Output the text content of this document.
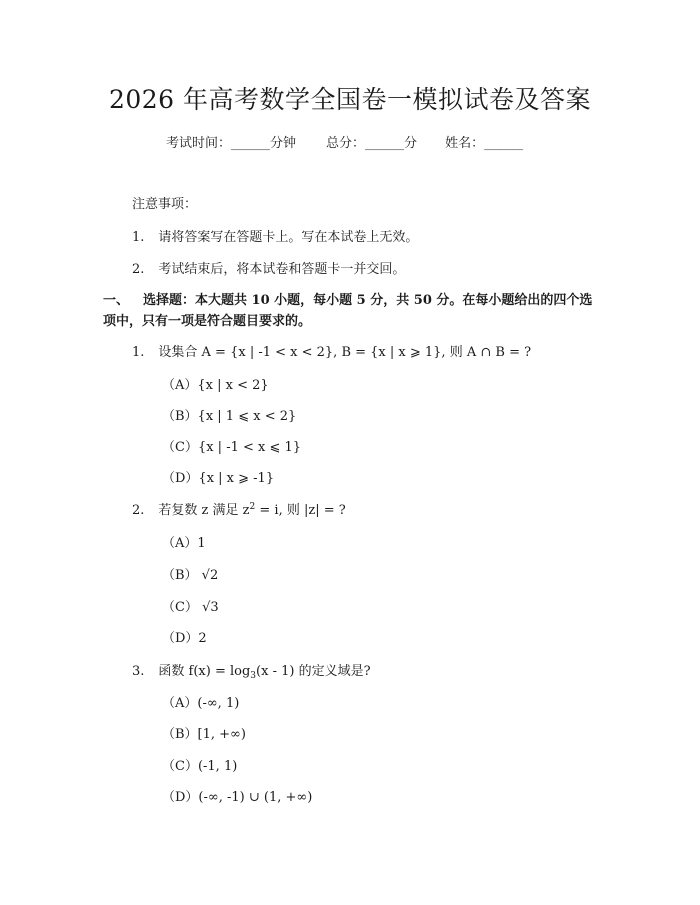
2026 年高考数学全国卷一模拟试卷及答案
考试时间：______分钟 总分：______分 姓名：______
注意事项：
1. 请将答案写在答题卡上。写在本试卷上无效。
2. 考试结束后，将本试卷和答题卡一并交回。
一、 选择题：本大题共 10 小题，每小题 5 分，共 50 分。在每小题给出的四个选
项中，只有一项是符合题目要求的。
1. 设集合 A = {x | -1 < x < 2}, B = {x | x ⩾ 1}, 则 A ∩ B = ?
（A）{x | x < 2}
（B）{x | 1 ⩽ x < 2}
（C）{x | -1 < x ⩽ 1}
（D）{x | x ⩾ -1}
2. 若复数 z 满足 $z^2 = i$, 则 |z| = ?
（A）1
（B） √2
（C） √3
（D）2
3. 函数 $f(x) = \log_3(x - 1)$ 的定义域是?
（A）(-∞, 1)
（B）[1, +∞)
（C）(-1, 1)
（D）(-∞, -1) ∪ (1, +∞)
